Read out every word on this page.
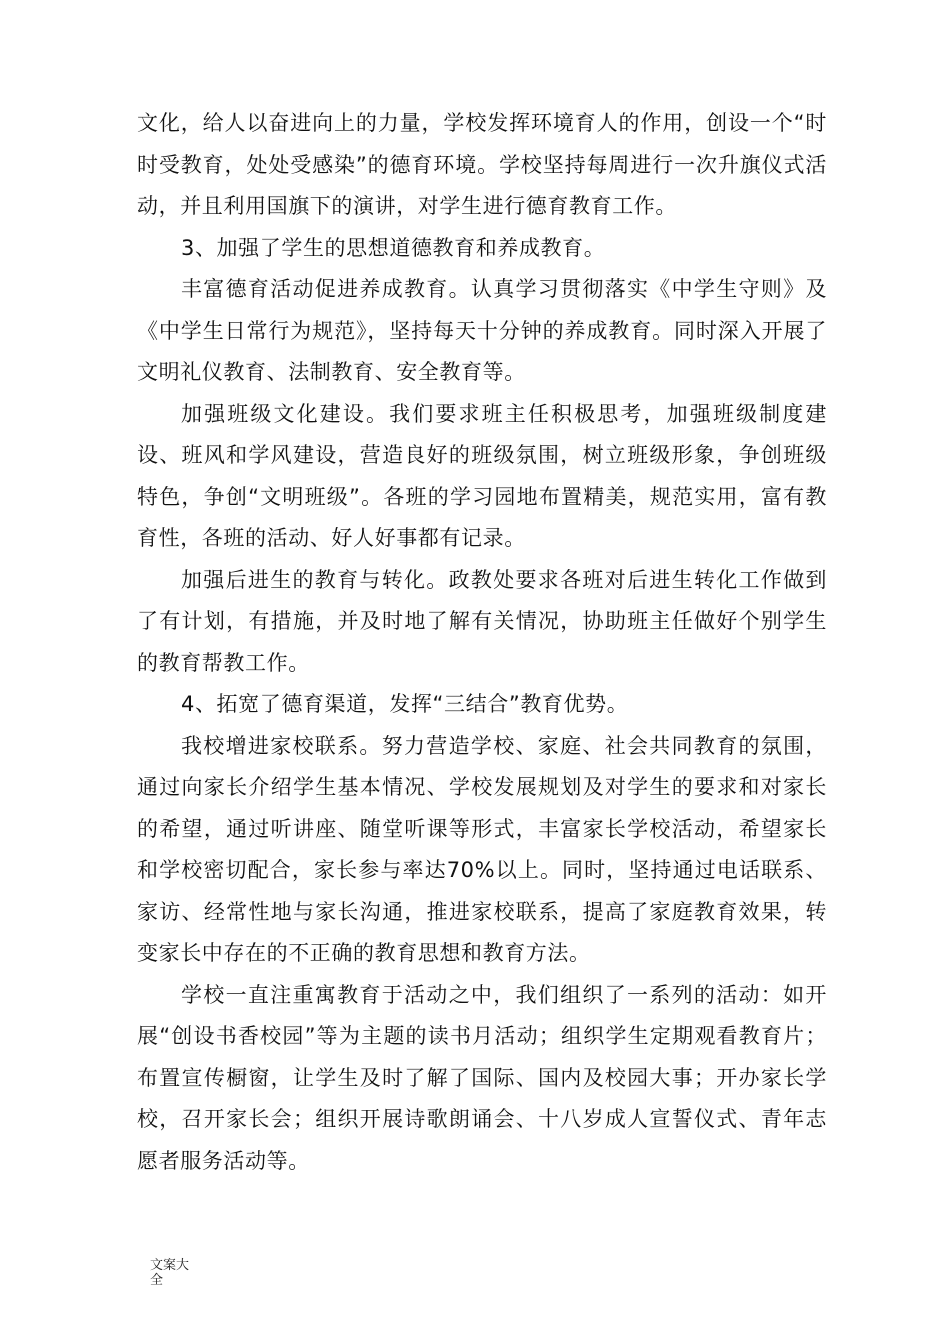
文化，给人以奋进向上的力量，学校发挥环境育人的作用，创设一个“时时受教育，处处受感染”的德育环境。学校坚持每周进行一次升旗仪式活动，并且利用国旗下的演讲，对学生进行德育教育工作。

3、加强了学生的思想道德教育和养成教育。

丰富德育活动促进养成教育。认真学习贯彻落实《中学生守则》及《中学生日常行为规范》，坚持每天十分钟的养成教育。同时深入开展了文明礼仪教育、法制教育、安全教育等。

加强班级文化建设。我们要求班主任积极思考，加强班级制度建设、班风和学风建设，营造良好的班级氛围，树立班级形象，争创班级特色，争创“文明班级”。各班的学习园地布置精美，规范实用，富有教育性，各班的活动、好人好事都有记录。

加强后进生的教育与转化。政教处要求各班对后进生转化工作做到了有计划，有措施，并及时地了解有关情况，协助班主任做好个别学生的教育帮教工作。

4、拓宽了德育渠道，发挥“三结合”教育优势。

我校增进家校联系。努力营造学校、家庭、社会共同教育的氛围，通过向家长介绍学生基本情况、学校发展规划及对学生的要求和对家长的希望，通过听讲座、随堂听课等形式，丰富家长学校活动，希望家长和学校密切配合，家长参与率达70%以上。同时，坚持通过电话联系、家访、经常性地与家长沟通，推进家校联系，提高了家庭教育效果，转变家长中存在的不正确的教育思想和教育方法。

学校一直注重寓教育于活动之中，我们组织了一系列的活动：如开展“创设书香校园”等为主题的读书月活动；组织学生定期观看教育片；布置宣传橱窗，让学生及时了解了国际、国内及校园大事；开办家长学校，召开家长会；组织开展诗歌朗诵会、十八岁成人宣誓仪式、青年志愿者服务活动等。

文案大全
